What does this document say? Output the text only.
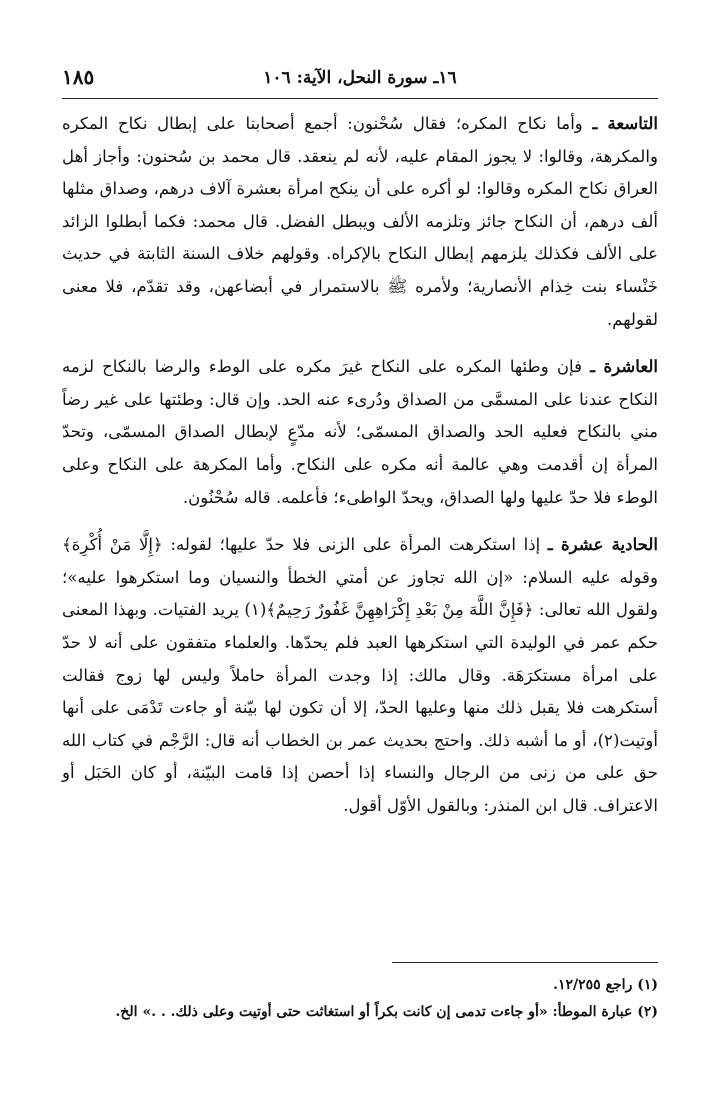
١٦ـ سورة النحل، الآية: ١٠٦
١٨٥

التاسعة ـ وأما نكاح المكره؛ فقال سُحْنون: أجمع أصحابنا على إبطال نكاح المكره والمكرهة، وقالوا: لا يجوز المقام عليه، لأنه لم ينعقد. قال محمد بن سُحنون: وأجاز أهل العراق نكاح المكره وقالوا: لو أكره على أن ينكح امرأة بعشرة آلاف درهم، وصداق مثلها ألف درهم، أن النكاح جائز وتلزمه الألف ويبطل الفضل. قال محمد: فكما أبطلوا الزائد على الألف فكذلك يلزمهم إبطال النكاح بالإكراه. وقولهم خلاف السنة الثابتة في حديث خَنْساء بنت خِذام الأنصارية؛ ولأمره ﷺ بالاستمرار في أبضاعهن، وقد تقدّم، فلا معنى لقولهم.

العاشرة ـ فإن وطئها المكره على النكاح غيرَ مكره على الوطء والرضا بالنكاح لزمه النكاح عندنا على المسمَّى من الصداق ودُرىء عنه الحد. وإن قال: وطئتها على غير رضاً مني بالنكاح فعليه الحد والصداق المسمّى؛ لأنه مدّعٍ لإبطال الصداق المسمّى، وتحدّ المرأة إن أقدمت وهي عالمة أنه مكره على النكاح. وأما المكرهة على النكاح وعلى الوطء فلا حدّ عليها ولها الصداق، ويحدّ الواطىء؛ فأعلمه. قاله سُحْنُون.

الحادية عشرة ـ إذا استكرهت المرأة على الزنى فلا حدّ عليها؛ لقوله: ﴿إِلَّا مَنْ أُكْرِهَ﴾ وقوله عليه السلام: «إن الله تجاوز عن أمتي الخطأ والنسيان وما استكرهوا عليه»؛ ولقول الله تعالى: ﴿فَإِنَّ اللَّهَ مِنْ بَعْدِ إِكْرَاهِهِنَّ غَفُورٌ رَحِيمٌ﴾(١) يريد الفتيات. وبهذا المعنى حكم عمر في الوليدة التي استكرهها العبد فلم يحدّها. والعلماء متفقون على أنه لا حدّ على امرأة مستكرَهَة. وقال مالك: إذا وجدت المرأة حاملاً وليس لها زوج فقالت أستكرهت فلا يقبل ذلك منها وعليها الحدّ، إلا أن تكون لها بيّنة أو جاءت تَدْمَى على أنها أوتيت(٢)، أو ما أشبه ذلك. واحتج بحديث عمر بن الخطاب أنه قال: الرَّجْم في كتاب الله حق على من زنى من الرجال والنساء إذا أحصن إذا قامت البيّنة، أو كان الحَبَل أو الاعتراف. قال ابن المنذر: وبالقول الأوّل أقول.

(١) راجع ١٢/٢٥٥.
(٢) عبارة الموطأ: «أو جاءت تدمى إن كانت بكراً أو استغاثت حتى أوتيت وعلى ذلك. . .» الخ.
